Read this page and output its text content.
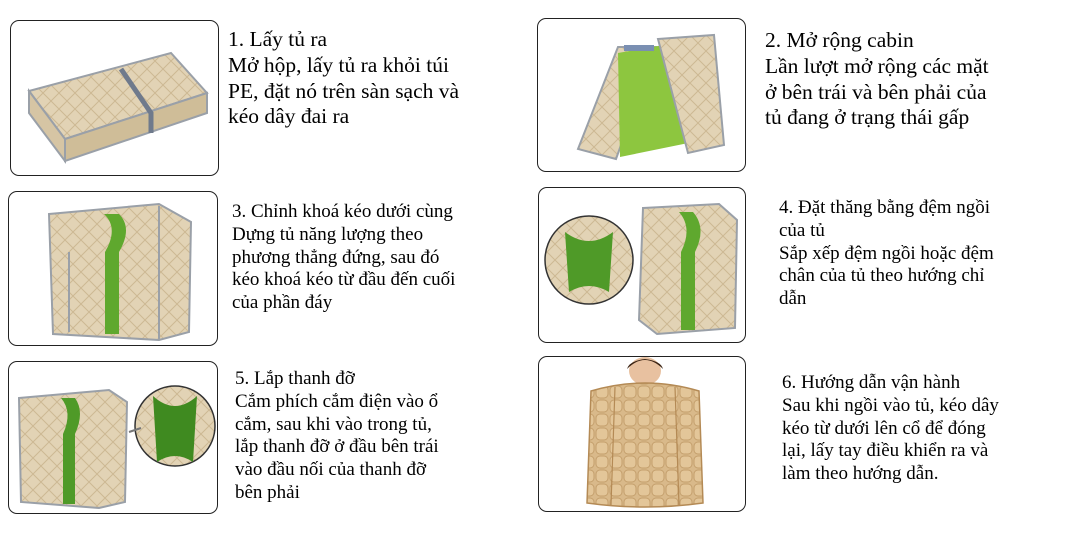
1. Lấy tủ ra
Mở hộp, lấy tủ ra khỏi túi
PE, đặt nó trên sàn sạch và
kéo dây đai ra
2. Mở rộng cabin
Lần lượt mở rộng các mặt
ở bên trái và bên phải của
tủ đang ở trạng thái gấp
3. Chỉnh khoá kéo dưới cùng
Dựng tủ năng lượng theo
phương thẳng đứng, sau đó
kéo khoá kéo từ đầu đến cuối
của phần đáy
4. Đặt thăng bằng đệm ngồi
của tủ
Sắp xếp đệm ngồi hoặc đệm
chân của tủ theo hướng chỉ
dẫn
5. Lắp thanh đỡ
Cắm phích cắm điện vào ổ
cắm, sau khi vào trong tủ,
lắp thanh đỡ ở đầu bên trái
vào đầu nối của thanh đỡ
bên phải
6. Hướng dẫn vận hành
Sau khi ngồi vào tủ, kéo dây
kéo từ dưới lên cổ để đóng
lại, lấy tay điều khiển ra và
làm theo hướng dẫn.
